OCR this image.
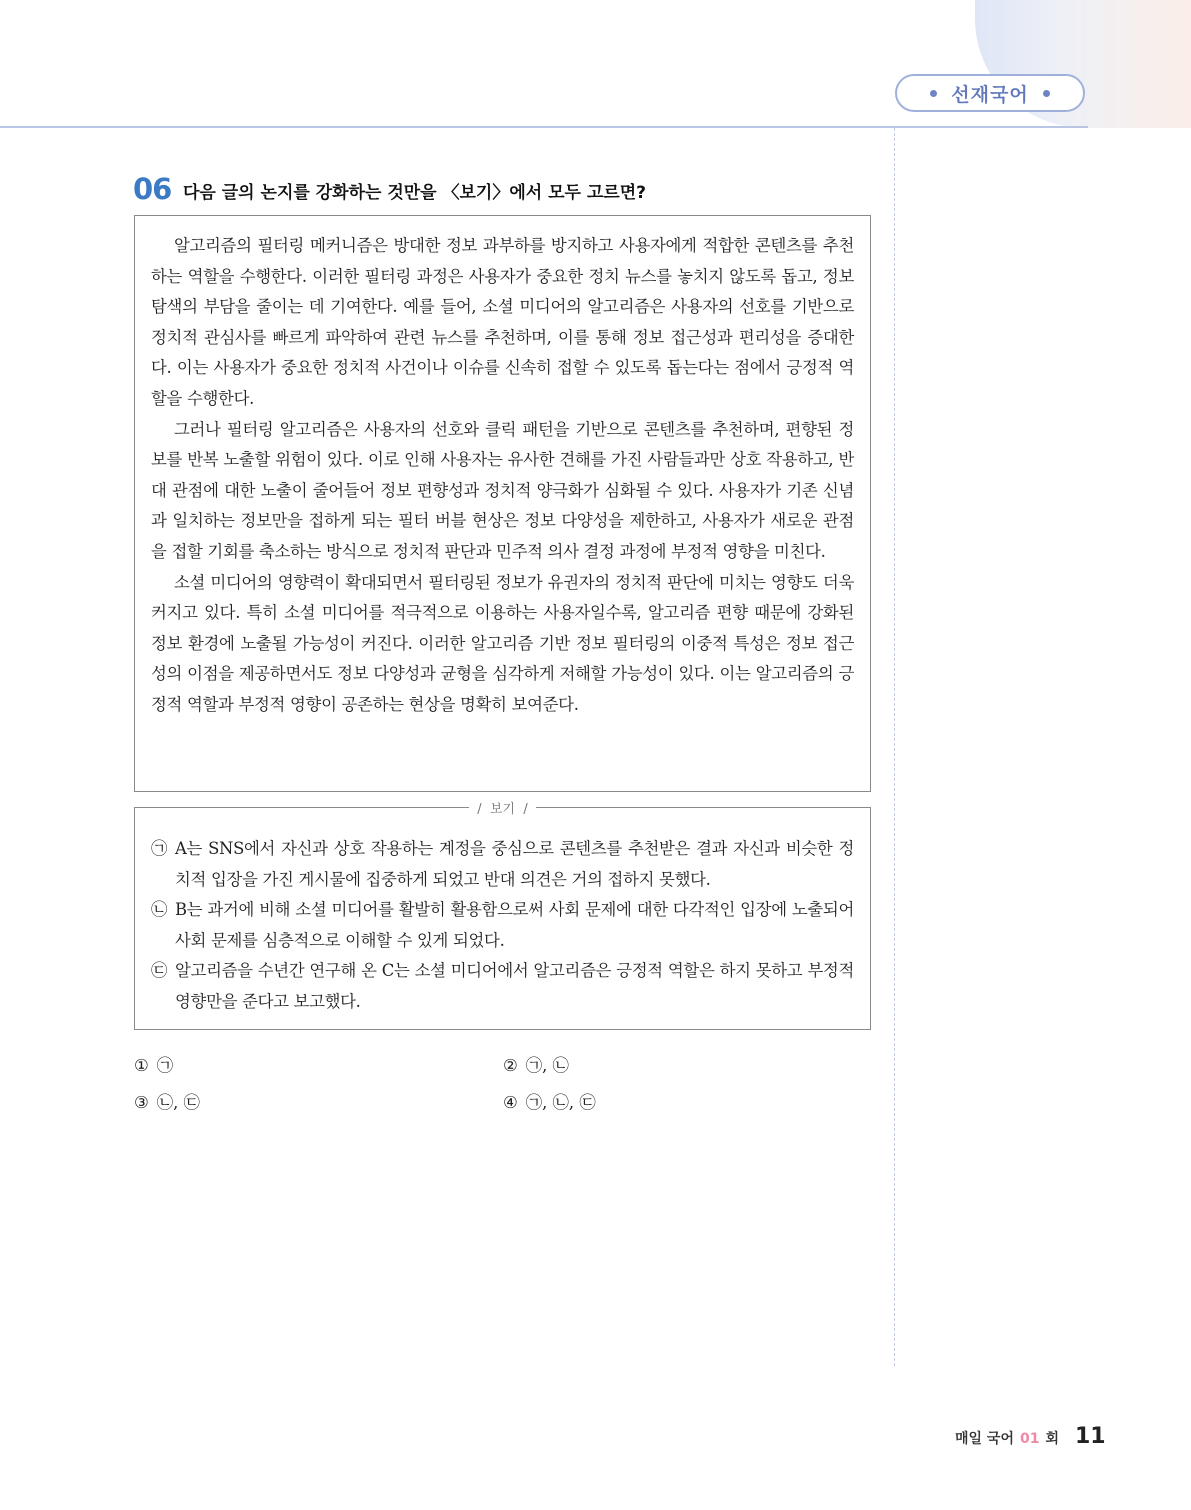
선재국어
06 다음 글의 논지를 강화하는 것만을 〈보기〉에서 모두 고르면?

알고리즘의 필터링 메커니즘은 방대한 정보 과부하를 방지하고 사용자에게 적합한 콘텐츠를 추천하는 역할을 수행한다. 이러한 필터링 과정은 사용자가 중요한 정치 뉴스를 놓치지 않도록 돕고, 정보 탐색의 부담을 줄이는 데 기여한다. 예를 들어, 소셜 미디어의 알고리즘은 사용자의 선호를 기반으로 정치적 관심사를 빠르게 파악하여 관련 뉴스를 추천하며, 이를 통해 정보 접근성과 편리성을 증대한다. 이는 사용자가 중요한 정치적 사건이나 이슈를 신속히 접할 수 있도록 돕는다는 점에서 긍정적 역할을 수행한다.

그러나 필터링 알고리즘은 사용자의 선호와 클릭 패턴을 기반으로 콘텐츠를 추천하며, 편향된 정보를 반복 노출할 위험이 있다. 이로 인해 사용자는 유사한 견해를 가진 사람들과만 상호 작용하고, 반대 관점에 대한 노출이 줄어들어 정보 편향성과 정치적 양극화가 심화될 수 있다. 사용자가 기존 신념과 일치하는 정보만을 접하게 되는 필터 버블 현상은 정보 다양성을 제한하고, 사용자가 새로운 관점을 접할 기회를 축소하는 방식으로 정치적 판단과 민주적 의사 결정 과정에 부정적 영향을 미친다.

소셜 미디어의 영향력이 확대되면서 필터링된 정보가 유권자의 정치적 판단에 미치는 영향도 더욱 커지고 있다. 특히 소셜 미디어를 적극적으로 이용하는 사용자일수록, 알고리즘 편향 때문에 강화된 정보 환경에 노출될 가능성이 커진다. 이러한 알고리즘 기반 정보 필터링의 이중적 특성은 정보 접근성의 이점을 제공하면서도 정보 다양성과 균형을 심각하게 저해할 가능성이 있다. 이는 알고리즘의 긍정적 역할과 부정적 영향이 공존하는 현상을 명확히 보여준다.

/  보기  /

㉠ A는 SNS에서 자신과 상호 작용하는 계정을 중심으로 콘텐츠를 추천받은 결과 자신과 비슷한 정치적 입장을 가진 게시물에 집중하게 되었고 반대 의견은 거의 접하지 못했다.

㉡ B는 과거에 비해 소셜 미디어를 활발히 활용함으로써 사회 문제에 대한 다각적인 입장에 노출되어 사회 문제를 심층적으로 이해할 수 있게 되었다.

㉢ 알고리즘을 수년간 연구해 온 C는 소셜 미디어에서 알고리즘은 긍정적 역할은 하지 못하고 부정적 영향만을 준다고 보고했다.

① ㉠	② ㉠, ㉡
③ ㉡, ㉢	④ ㉠, ㉡, ㉢
매일 국어 01 회 11
